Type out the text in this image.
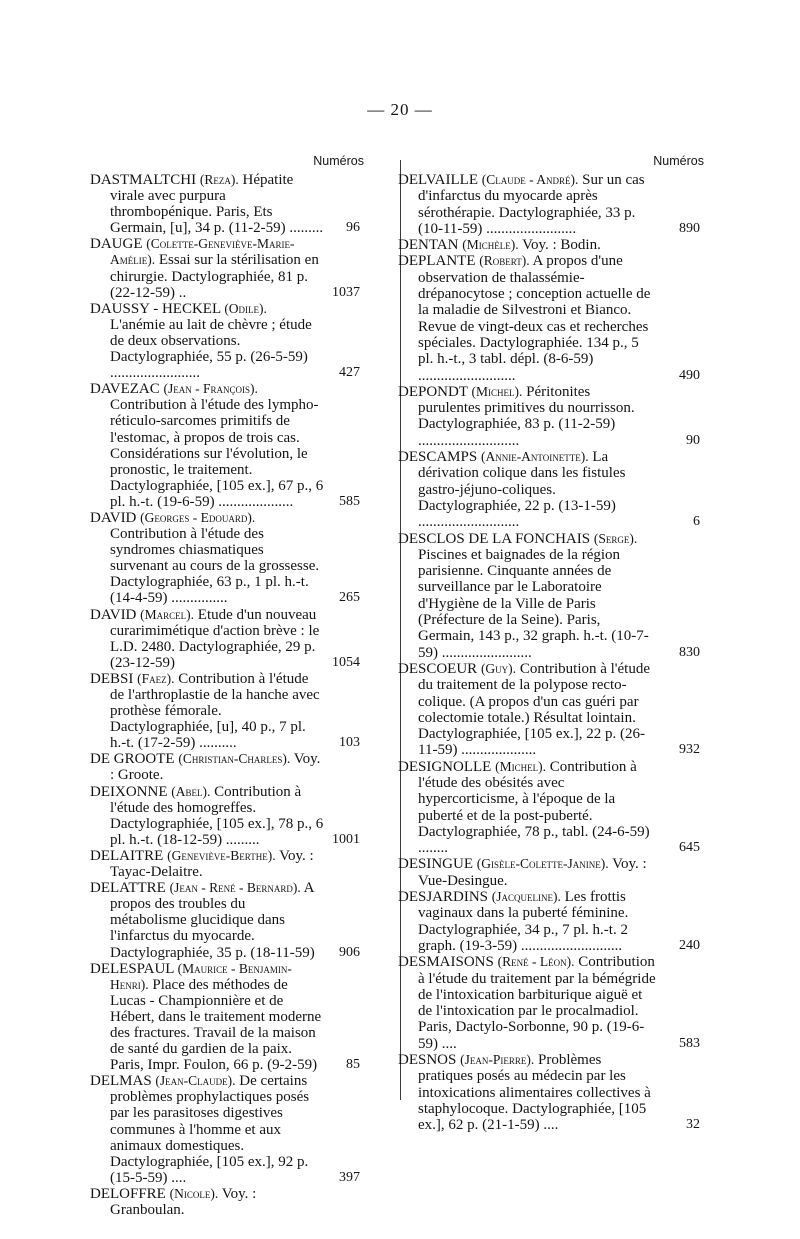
— 20 —
Numéros
DASTMALTCHI (Reza). Hépatite virale avec purpura thrombopénique. Paris, Ets Germain, [u], 34 p. (11-2-59) ......... 96
DAUGE (Colette-Geneviève-Marie-Amélie). Essai sur la stérilisation en chirurgie. Dactylographiée, 81 p. (22-12-59) ..	1037
DAUSSY - HECKEL (Odile). L'anémie au lait de chèvre ; étude de deux observations. Dactylographiée, 55 p. (26-5-59) ........................	427
DAVEZAC (Jean - François). Contribution à l'étude des lympho-réticulo-sarcomes primitifs de l'estomac, à propos de trois cas. Considérations sur l'évolution, le pronostic, le traitement. Dactylographiée, [105 ex.], 67 p., 6 pl. h.-t. (19-6-59) ....................	585
DAVID (Georges - Edouard). Contribution à l'étude des syndromes chiasmatiques survenant au cours de la grossesse. Dactylographiée, 63 p., 1 pl. h.-t. (14-4-59) ...............	265
DAVID (Marcel). Etude d'un nouveau curarimimétique d'action brève : le L.D. 2480. Dactylographiée, 29 p. (23-12-59)	1054
DEBSI (Faez). Contribution à l'étude de l'arthroplastie de la hanche avec prothèse fémorale. Dactylographiée, [u], 40 p., 7 pl. h.-t. (17-2-59) ..........	103
DE GROOTE (Christian-Charles). Voy. : Groote.
DEIXONNE (Abel). Contribution à l'étude des homogreffes. Dactylographiée, [105 ex.], 78 p., 6 pl. h.-t. (18-12-59) .........	1001
DELAITRE (Geneviève-Berthe). Voy. : Tayac-Delaitre.
DELATTRE (Jean - René - Bernard). A propos des troubles du métabolisme glucidique dans l'infarctus du myocarde. Dactylographiée, 35 p. (18-11-59) 906
DELESPAUL (Maurice - Benjamin-Henri). Place des méthodes de Lucas - Championnière et de Hébert, dans le traitement moderne des fractures. Travail de la maison de santé du gardien de la paix. Paris, Impr. Foulon, 66 p. (9-2-59) 85
DELMAS (Jean-Claude). De certains problèmes prophylactiques posés par les parasitoses digestives communes à l'homme et aux animaux domestiques. Dactylographiée, [105 ex.], 92 p. (15-5-59) ....	397
DELOFFRE (Nicole). Voy. : Granboulan.
Numéros
DELVAILLE (Claude - André). Sur un cas d'infarctus du myocarde après sérothérapie. Dactylographiée, 33 p. (10-11-59) ........................	890
DENTAN (Michèle). Voy. : Bodin.
DEPLANTE (Robert). A propos d'une observation de thalassémie-drépanocytose ; conception actuelle de la maladie de Silvestroni et Bianco. Revue de vingt-deux cas et recherches spéciales. Dactylographiée. 134 p., 5 pl. h.-t., 3 tabl. dépl. (8-6-59) ..........................	490
DEPONDT (Michel). Péritonites purulentes primitives du nourrisson. Dactylographiée, 83 p. (11-2-59) ...........................	90
DESCAMPS (Annie-Antoinette). La dérivation colique dans les fistules gastro-jéjuno-coliques. Dactylographiée, 22 p. (13-1-59) ...........................	6
DESCLOS DE LA FONCHAIS (Serge). Piscines et baignades de la région parisienne. Cinquante années de surveillance par le Laboratoire d'Hygiène de la Ville de Paris (Préfecture de la Seine). Paris, Germain, 143 p., 32 graph. h.-t. (10-7-59) ........................	830
DESCOEUR (Guy). Contribution à l'étude du traitement de la polypose recto-colique. (A propos d'un cas guéri par colectomie totale.) Résultat lointain. Dactylographiée, [105 ex.], 22 p. (26-11-59) ....................	932
DESIGNOLLE (Michel). Contribution à l'étude des obésités avec hypercorticisme, à l'époque de la puberté et de la post-puberté. Dactylographiée, 78 p., tabl. (24-6-59) ........	645
DESINGUE (Gisèle-Colette-Janine). Voy. : Vue-Desingue.
DESJARDINS (Jacqueline). Les frottis vaginaux dans la puberté féminine. Dactylographiée, 34 p., 7 pl. h.-t. 2 graph. (19-3-59) ...........................	240
DESMAISONS (René - Léon). Contribution à l'étude du traitement par la bémégride de l'intoxication barbiturique aiguë et de l'intoxication par le procalmadiol. Paris, Dactylo-Sorbonne, 90 p. (19-6-59) ....	583
DESNOS (Jean-Pierre). Problèmes pratiques posés au médecin par les intoxications alimentaires collectives à staphylocoque. Dactylographiée, [105 ex.], 62 p. (21-1-59) ....	32
